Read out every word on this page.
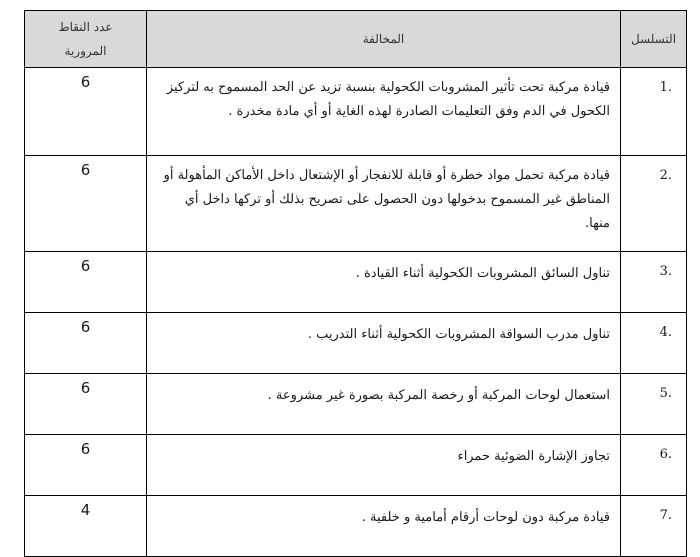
التسلسل	المخالفة	عدد النقاط
المرورية

.1	قيادة مركبة تحت تأثير المشروبات الكحولية بنسبة تزيد عن الحد المسموح به لتركيز الكحول في الدم وفق التعليمات الصادرة لهذه الغاية أو أي مادة مخدرة .	6
.2	قيادة مركبة تحمل مواد خطرة أو قابلة للانفجار أو الإشتعال داخل الأماكن المأهولة أو المناطق غير المسموح بدخولها دون الحصول على تصريح بذلك أو تركها داخل أي منها.	6
.3	تناول السائق المشروبات الكحولية أثناء القيادة .	6
.4	تناول مدرب السواقة المشروبات الكحولية أثناء التدريب .	6
.5	استعمال لوحات المركبة أو رخصة المركبة بصورة غير مشروعة .	6
.6	تجاوز الإشارة الضوئية حمراء	6
.7	قيادة مركبة دون لوحات أرقام أمامية و خلفية .	4
